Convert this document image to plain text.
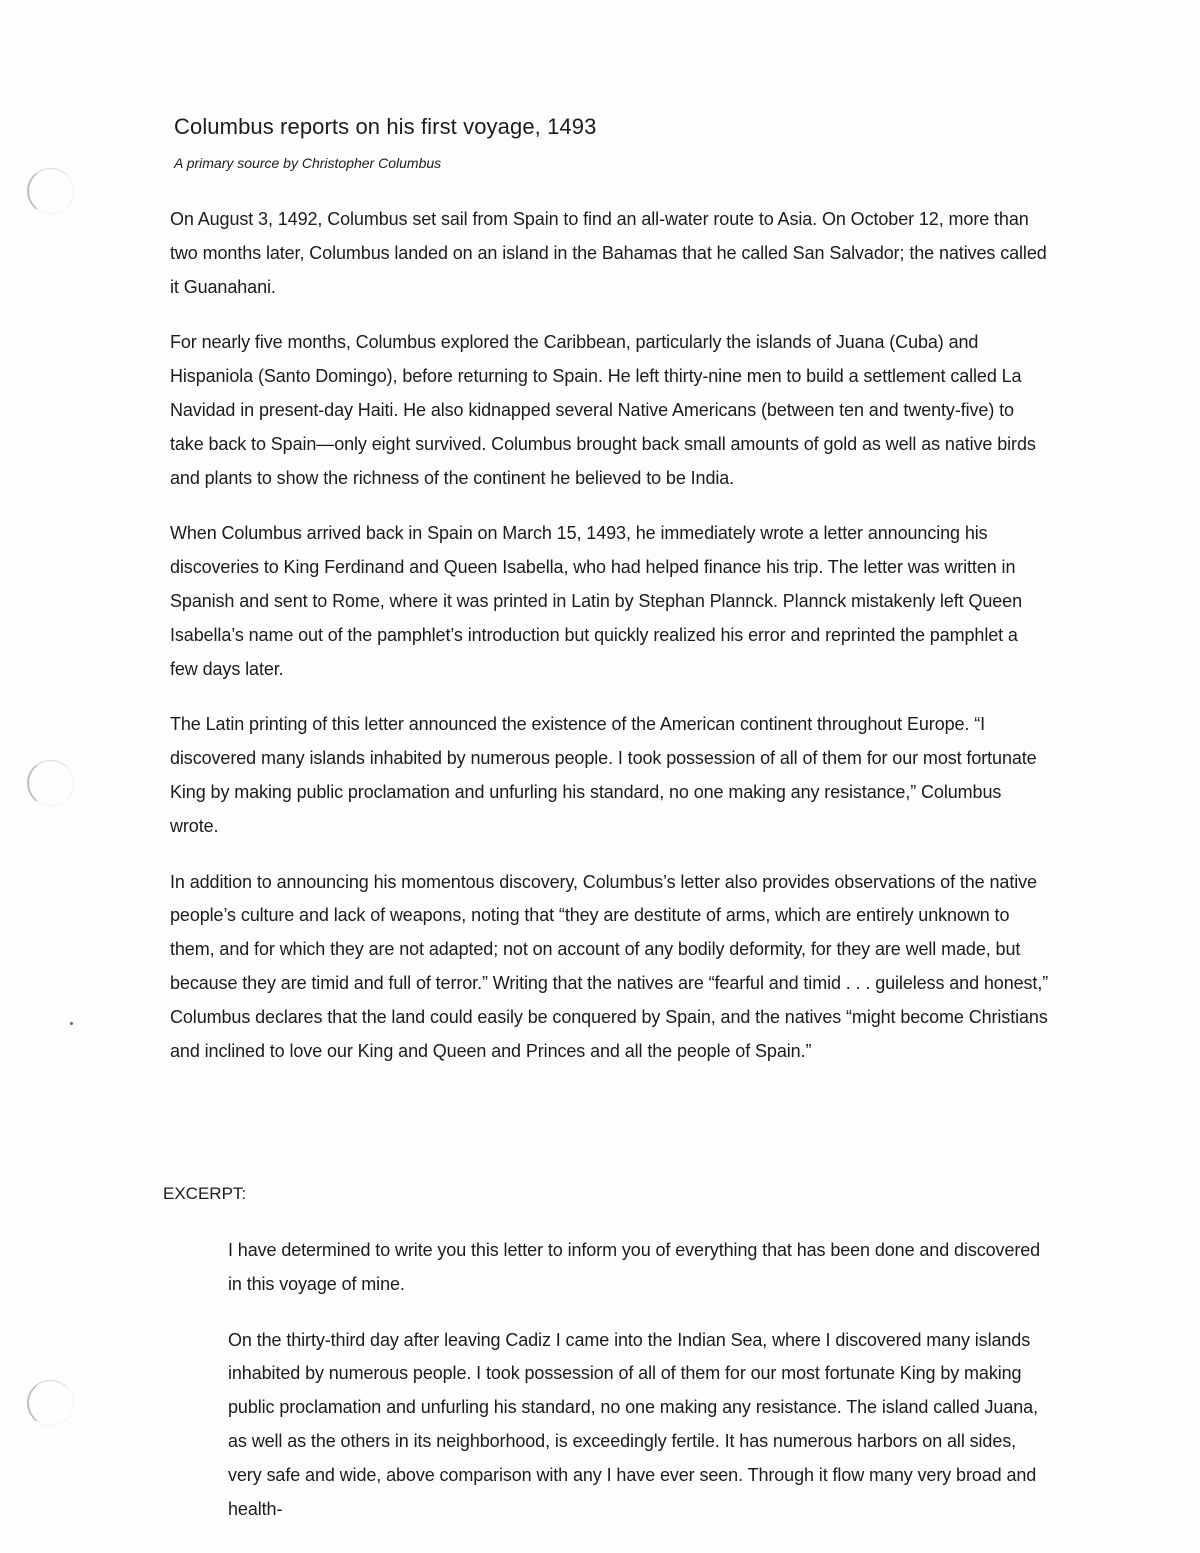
Columbus reports on his first voyage, 1493

A primary source by Christopher Columbus

On August 3, 1492, Columbus set sail from Spain to find an all-water route to Asia. On October 12, more than two months later, Columbus landed on an island in the Bahamas that he called San Salvador; the natives called it Guanahani.

For nearly five months, Columbus explored the Caribbean, particularly the islands of Juana (Cuba) and Hispaniola (Santo Domingo), before returning to Spain. He left thirty-nine men to build a settlement called La Navidad in present-day Haiti. He also kidnapped several Native Americans (between ten and twenty-five) to take back to Spain—only eight survived. Columbus brought back small amounts of gold as well as native birds and plants to show the richness of the continent he believed to be India.

When Columbus arrived back in Spain on March 15, 1493, he immediately wrote a letter announcing his discoveries to King Ferdinand and Queen Isabella, who had helped finance his trip. The letter was written in Spanish and sent to Rome, where it was printed in Latin by Stephan Plannck. Plannck mistakenly left Queen Isabella’s name out of the pamphlet’s introduction but quickly realized his error and reprinted the pamphlet a few days later.

The Latin printing of this letter announced the existence of the American continent throughout Europe. “I discovered many islands inhabited by numerous people. I took possession of all of them for our most fortunate King by making public proclamation and unfurling his standard, no one making any resistance,” Columbus wrote.

In addition to announcing his momentous discovery, Columbus’s letter also provides observations of the native people’s culture and lack of weapons, noting that “they are destitute of arms, which are entirely unknown to them, and for which they are not adapted; not on account of any bodily deformity, for they are well made, but because they are timid and full of terror.” Writing that the natives are “fearful and timid . . . guileless and honest,” Columbus declares that the land could easily be conquered by Spain, and the natives “might become Christians and inclined to love our King and Queen and Princes and all the people of Spain.”

EXCERPT:

I have determined to write you this letter to inform you of everything that has been done and discovered in this voyage of mine.

On the thirty-third day after leaving Cadiz I came into the Indian Sea, where I discovered many islands inhabited by numerous people. I took possession of all of them for our most fortunate King by making public proclamation and unfurling his standard, no one making any resistance. The island called Juana, as well as the others in its neighborhood, is exceedingly fertile. It has numerous harbors on all sides, very safe and wide, above comparison with any I have ever seen. Through it flow many very broad and health-
